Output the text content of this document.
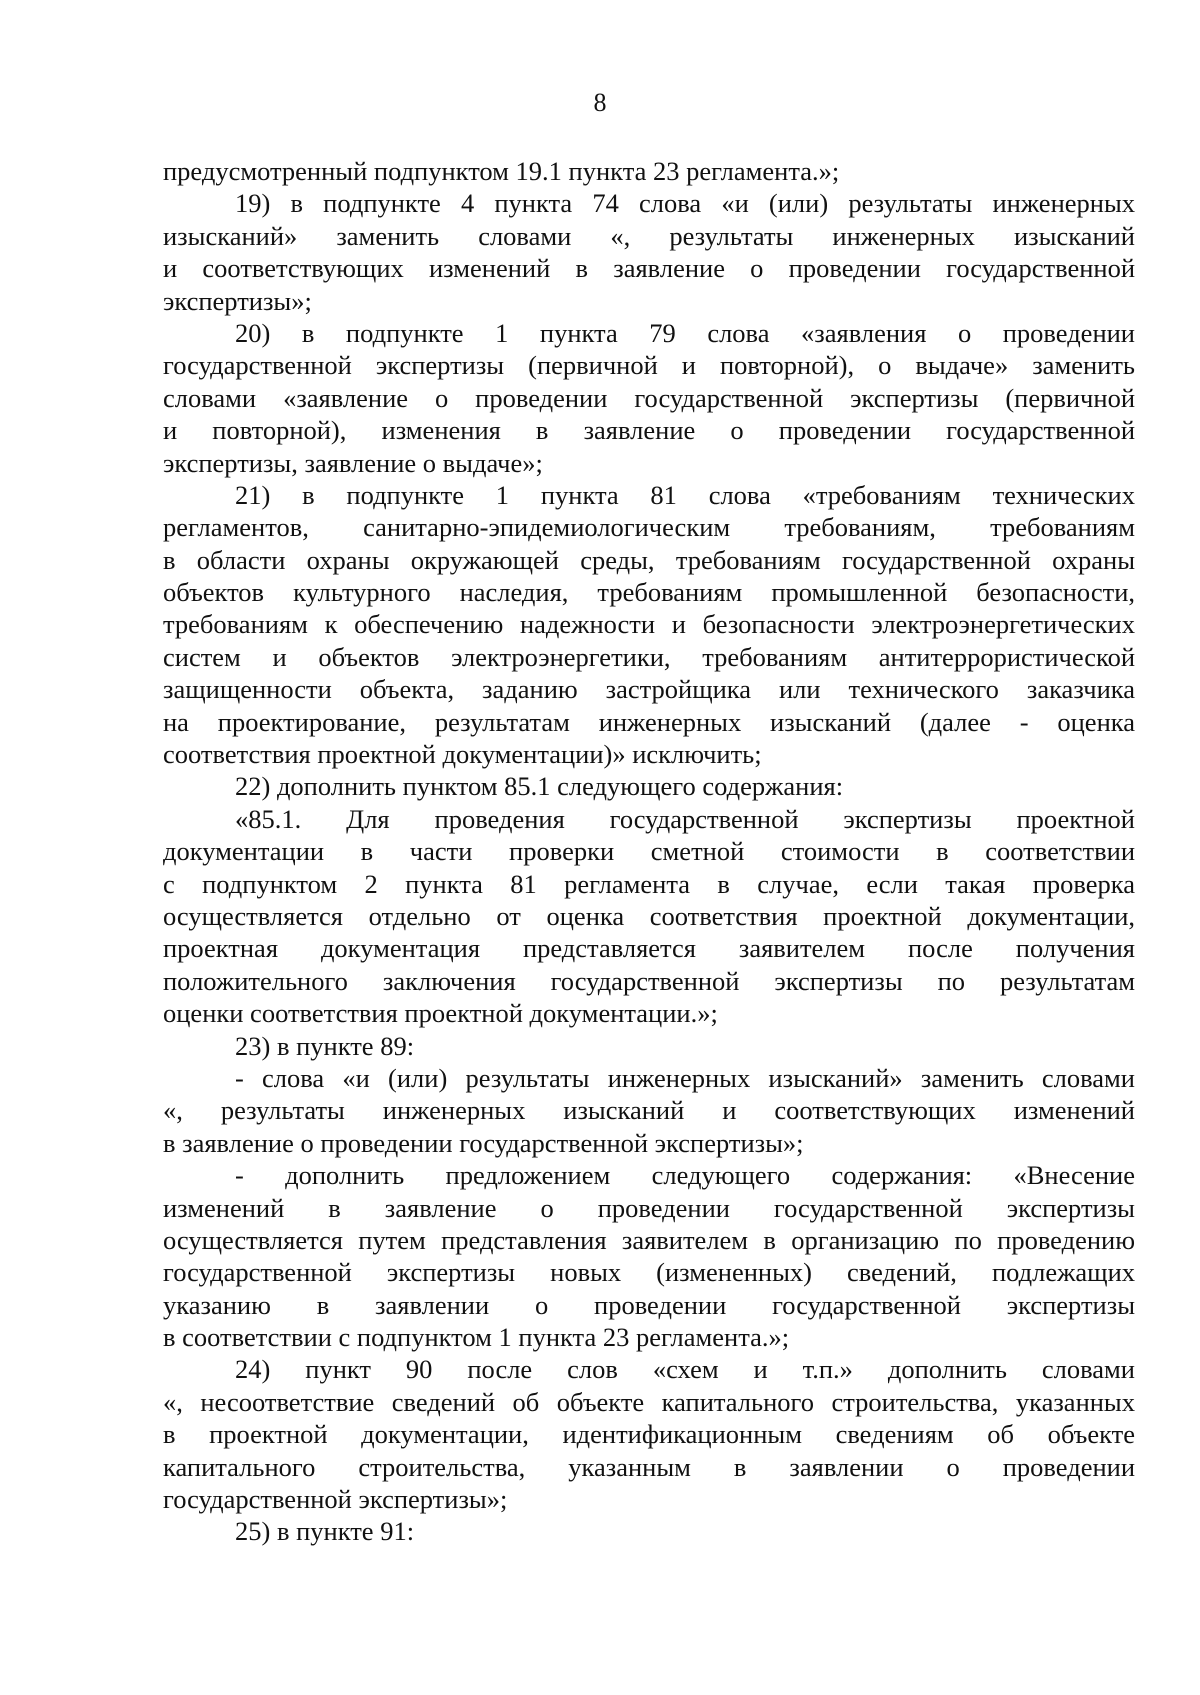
8
предусмотренный подпунктом 19.1 пункта 23 регламента.»;
19) в подпункте 4 пункта 74 слова «и (или) результаты инженерных
изысканий» заменить словами «, результаты инженерных изысканий
и соответствующих изменений в заявление о проведении государственной
экспертизы»;
20) в подпункте 1 пункта 79 слова «заявления о проведении
государственной экспертизы (первичной и повторной), о выдаче» заменить
словами «заявление о проведении государственной экспертизы (первичной
и повторной), изменения в заявление о проведении государственной
экспертизы, заявление о выдаче»;
21) в подпункте 1 пункта 81 слова «требованиям технических
регламентов, санитарно-эпидемиологическим требованиям, требованиям
в области охраны окружающей среды, требованиям государственной охраны
объектов культурного наследия, требованиям промышленной безопасности,
требованиям к обеспечению надежности и безопасности электроэнергетических
систем и объектов электроэнергетики, требованиям антитеррористической
защищенности объекта, заданию застройщика или технического заказчика
на проектирование, результатам инженерных изысканий (далее - оценка
соответствия проектной документации)» исключить;
22) дополнить пунктом 85.1 следующего содержания:
«85.1. Для проведения государственной экспертизы проектной
документации в части проверки сметной стоимости в соответствии
с подпунктом 2 пункта 81 регламента в случае, если такая проверка
осуществляется отдельно от оценка соответствия проектной документации,
проектная документация представляется заявителем после получения
положительного заключения государственной экспертизы по результатам
оценки соответствия проектной документации.»;
23) в пункте 89:
- слова «и (или) результаты инженерных изысканий» заменить словами
«, результаты инженерных изысканий и соответствующих изменений
в заявление о проведении государственной экспертизы»;
- дополнить предложением следующего содержания: «Внесение
изменений в заявление о проведении государственной экспертизы
осуществляется путем представления заявителем в организацию по проведению
государственной экспертизы новых (измененных) сведений, подлежащих
указанию в заявлении о проведении государственной экспертизы
в соответствии с подпунктом 1 пункта 23 регламента.»;
24) пункт 90 после слов «схем и т.п.» дополнить словами
«, несоответствие сведений об объекте капитального строительства, указанных
в проектной документации, идентификационным сведениям об объекте
капитального строительства, указанным в заявлении о проведении
государственной экспертизы»;
25) в пункте 91:
